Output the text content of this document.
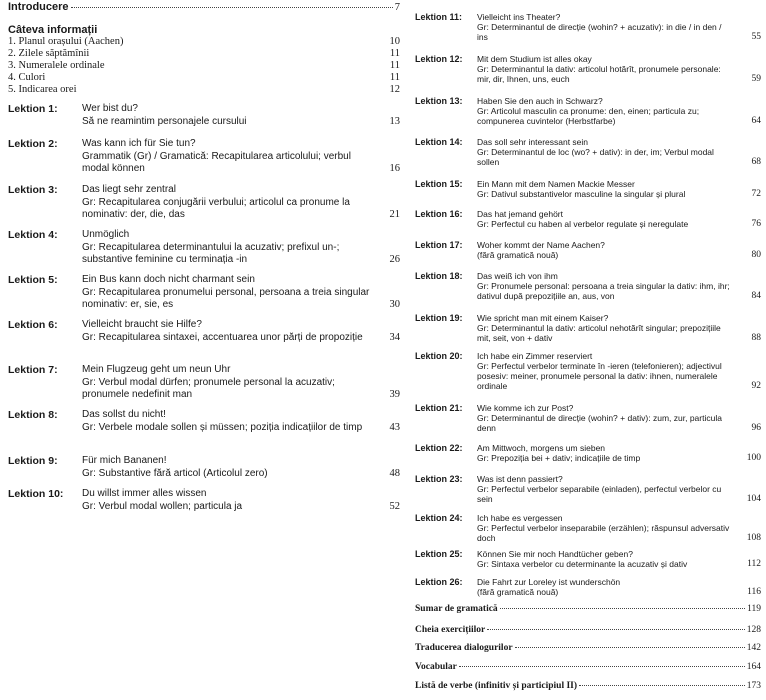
Introducere	7
Câteva informații
1. Planul orașului (Aachen)	10
2. Zilele săptămînii	11
3. Numeralele ordinale	11
4. Culori	11
5. Indicarea orei	12
Lektion 1: Wer bist du?
Să ne reamintim personajele cursului	13
Lektion 2: Was kann ich für Sie tun?
Grammatik (Gr) / Gramatică: Recapitularea articolului; verbul modal können	16
Lektion 3: Das liegt sehr zentral
Gr: Recapitularea conjugării verbului; articolul ca pronume la nominativ: der, die, das	21
Lektion 4: Unmöglich
Gr: Recapitularea determinantului la acuzativ; prefixul un-; substantive feminine cu terminația -in	26
Lektion 5: Ein Bus kann doch nicht charmant sein
Gr: Recapitularea pronumelui personal, persoana a treia singular nominativ: er, sie, es	30
Lektion 6: Vielleicht braucht sie Hilfe?
Gr: Recapitularea sintaxei, accentuarea unor părți de propoziție	34
Lektion 7: Mein Flugzeug geht um neun Uhr
Gr: Verbul modal dürfen; pronumele personal la acuzativ; pronumele nedefinit man	39
Lektion 8: Das sollst du nicht!
Gr: Verbele modale sollen și müssen; poziția indicațiilor de timp	43
Lektion 9: Für mich Bananen!
Gr: Substantive fără articol (Articolul zero)	48
Lektion 10: Du willst immer alles wissen
Gr: Verbul modal wollen; particula ja	52
Lektion 11: Vielleicht ins Theater?
Gr: Determinantul de direcție (wohin? + acuzativ): in die / in den / ins	55
Lektion 12: Mit dem Studium ist alles okay
Gr: Determinantul la dativ: articolul hotărît, pronumele personale: mir, dir, Ihnen, uns, euch	59
Lektion 13: Haben Sie den auch in Schwarz?
Gr: Articolul masculin ca pronume: den, einen; particula zu; compunerea cuvintelor (Herbstfarbe)	64
Lektion 14: Das soll sehr interessant sein
Gr: Determinantul de loc (wo? + dativ): in der, im; Verbul modal sollen	68
Lektion 15: Ein Mann mit dem Namen Mackie Messer
Gr: Dativul substantivelor masculine la singular și plural	72
Lektion 16: Das hat jemand gehört
Gr: Perfectul cu haben al verbelor regulate și neregulate	76
Lektion 17: Woher kommt der Name Aachen?
(fără gramatică nouă)	80
Lektion 18: Das weiß ich von ihm
Gr: Pronumele personal: persoana a treia singular la dativ: ihm, ihr; dativul după prepozițiile an, aus, von	84
Lektion 19: Wie spricht man mit einem Kaiser?
Gr: Determinantul la dativ: articolul nehotărît singular; prepozițiile mit, seit, von + dativ	88
Lektion 20: Ich habe ein Zimmer reserviert
Gr: Perfectul verbelor terminate în -ieren (telefonieren); adjectivul posesiv: meiner, pronumele personal la dativ: ihnen, numeralele ordinale	92
Lektion 21: Wie komme ich zur Post?
Gr: Determinantul de direcție (wohin? + dativ): zum, zur, particula denn	96
Lektion 22: Am Mittwoch, morgens um sieben
Gr: Prepoziția bei + dativ; indicațiile de timp	100
Lektion 23: Was ist denn passiert?
Gr: Perfectul verbelor separabile (einladen), perfectul verbelor cu sein	104
Lektion 24: Ich habe es vergessen
Gr: Perfectul verbelor inseparabile (erzählen); răspunsul adversativ doch	108
Lektion 25: Können Sie mir noch Handtücher geben?
Gr: Sintaxa verbelor cu determinante la acuzativ și dativ	112
Lektion 26: Die Fahrt zur Loreley ist wunderschön
(fără gramatică nouă)	116
Sumar de gramatică	119
Cheia exercițiilor	128
Traducerea dialogurilor	142
Vocabular	164
Listă de verbe (infinitiv și participiul II)	173
